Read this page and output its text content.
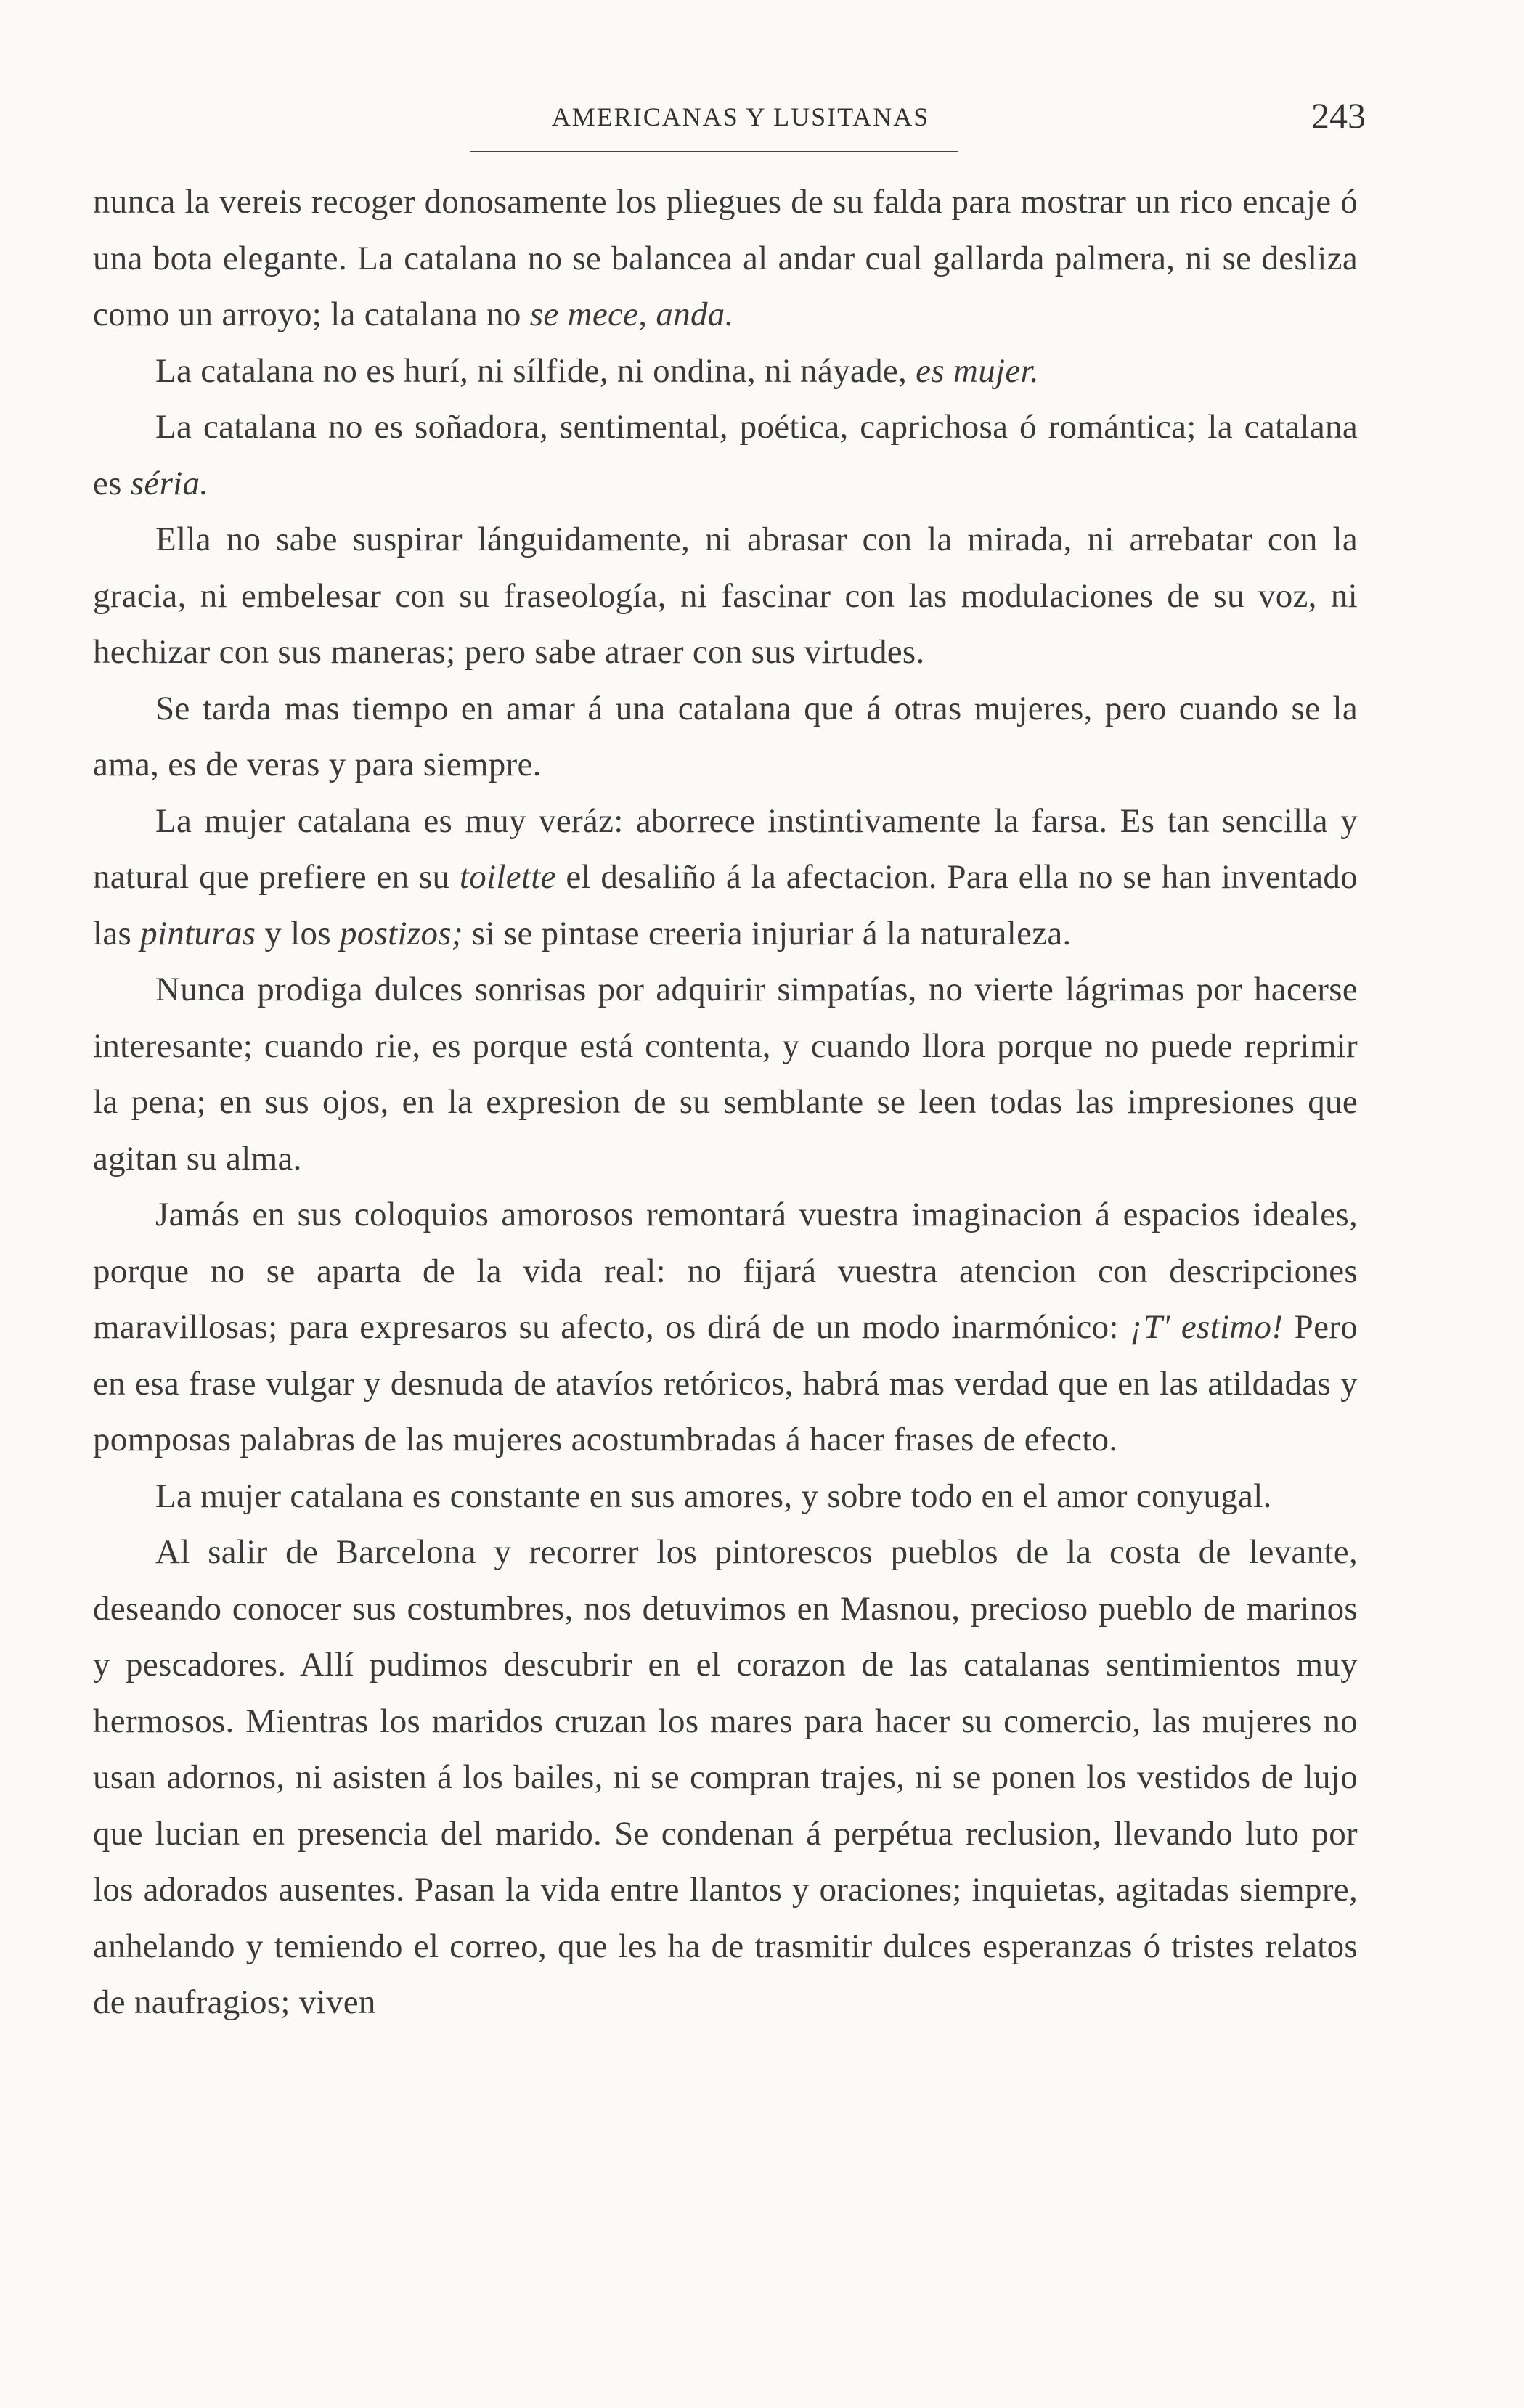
AMERICANAS Y LUSITANAS	243

nunca la vereis recoger donosamente los pliegues de su falda para mostrar un rico encaje ó una bota elegante. La catalana no se balancea al andar cual gallarda palmera, ni se desliza como un arroyo; la catalana no se mece, anda.

La catalana no es hurí, ni sílfide, ni ondina, ni náyade, es mujer.

La catalana no es soñadora, sentimental, poética, caprichosa ó romántica; la catalana es séria.

Ella no sabe suspirar lánguidamente, ni abrasar con la mirada, ni arrebatar con la gracia, ni embelesar con su fraseología, ni fascinar con las modulaciones de su voz, ni hechizar con sus maneras; pero sabe atraer con sus virtudes.

Se tarda mas tiempo en amar á una catalana que á otras mujeres, pero cuando se la ama, es de veras y para siempre.

La mujer catalana es muy veráz: aborrece instintivamente la farsa. Es tan sencilla y natural que prefiere en su toilette el desaliño á la afectacion. Para ella no se han inventado las pinturas y los postizos; si se pintase creeria injuriar á la naturaleza.

Nunca prodiga dulces sonrisas por adquirir simpatías, no vierte lágrimas por hacerse interesante; cuando rie, es porque está contenta, y cuando llora porque no puede reprimir la pena; en sus ojos, en la expresion de su semblante se leen todas las impresiones que agitan su alma.

Jamás en sus coloquios amorosos remontará vuestra imaginacion á espacios ideales, porque no se aparta de la vida real: no fijará vuestra atencion con descripciones maravillosas; para expresaros su afecto, os dirá de un modo inarmónico: ¡T' estimo! Pero en esa frase vulgar y desnuda de atavíos retóricos, habrá mas verdad que en las atildadas y pomposas palabras de las mujeres acostumbradas á hacer frases de efecto.

La mujer catalana es constante en sus amores, y sobre todo en el amor conyugal.

Al salir de Barcelona y recorrer los pintorescos pueblos de la costa de levante, deseando conocer sus costumbres, nos detuvimos en Masnou, precioso pueblo de marinos y pescadores. Allí pudimos descubrir en el corazon de las catalanas sentimientos muy hermosos. Mientras los maridos cruzan los mares para hacer su comercio, las mujeres no usan adornos, ni asisten á los bailes, ni se compran trajes, ni se ponen los vestidos de lujo que lucian en presencia del marido. Se condenan á perpétua reclusion, llevando luto por los adorados ausentes. Pasan la vida entre llantos y oraciones; inquietas, agitadas siempre, anhelando y temiendo el correo, que les ha de trasmitir dulces esperanzas ó tristes relatos de naufragios; viven
